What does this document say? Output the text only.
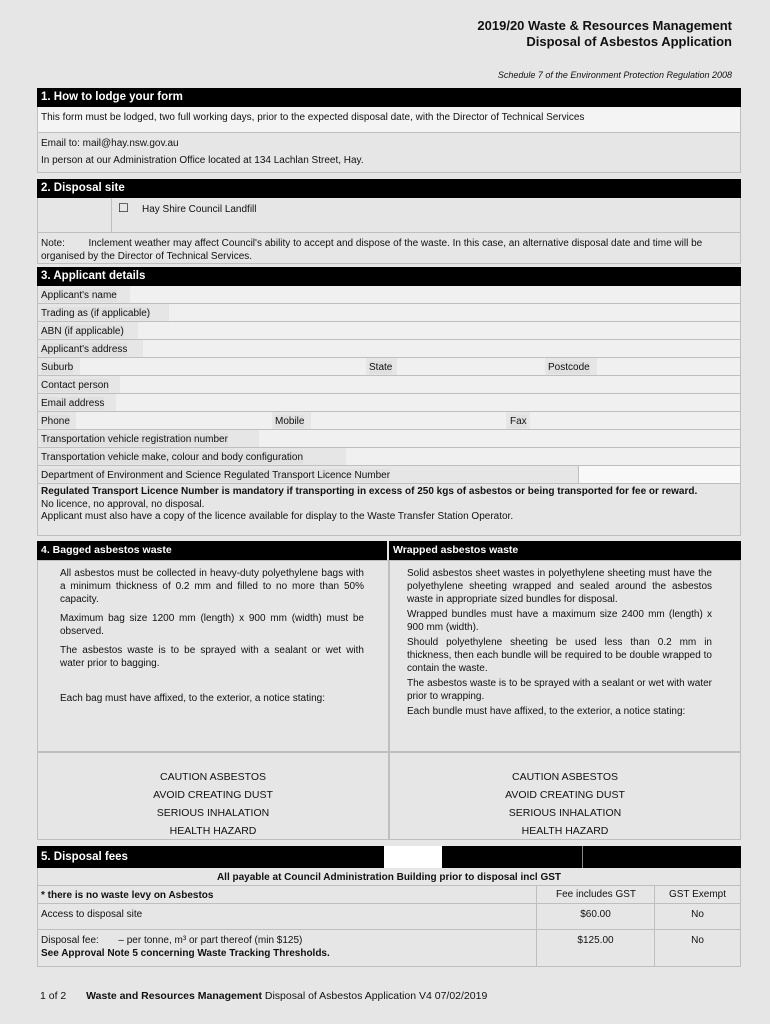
2019/20 Waste & Resources Management
Disposal of Asbestos Application
Schedule 7 of the Environment Protection Regulation 2008
1. How to lodge your form
This form must be lodged, two full working days, prior to the expected disposal date, with the Director of Technical Services
Email to: mail@hay.nsw.gov.au
In person at our Administration Office located at 134 Lachlan Street, Hay.
2. Disposal site
☐ Hay Shire Council Landfill
Note: Inclement weather may affect Council's ability to accept and dispose of the waste. In this case, an alternative disposal date and time will be organised by the Director of Technical Services.
3. Applicant details
Applicant's name
Trading as (if applicable)
ABN (if applicable)
Applicant's address
Suburb	State	Postcode
Contact person
Email address
Phone	Mobile	Fax
Transportation vehicle registration number
Transportation vehicle make, colour and body configuration
Department of Environment and Science Regulated Transport Licence Number
Regulated Transport Licence Number is mandatory if transporting in excess of 250 kgs of asbestos or being transported for fee or reward.
No licence, no approval, no disposal.
Applicant must also have a copy of the licence available for display to the Waste Transfer Station Operator.
4. Bagged asbestos waste	Wrapped asbestos waste

All asbestos must be collected in heavy-duty polyethylene bags with a minimum thickness of 0.2 mm and filled to no more than 50% capacity.

Maximum bag size 1200 mm (length) x 900 mm (width) must be observed.

The asbestos waste is to be sprayed with a sealant or wet with water prior to bagging.

Each bag must have affixed, to the exterior, a notice stating:

Solid asbestos sheet wastes in polyethylene sheeting must have the polyethylene sheeting wrapped and sealed around the asbestos waste in appropriate sized bundles for disposal.

Wrapped bundles must have a maximum size 2400 mm (length) x 900 mm (width).

Should polyethylene sheeting be used less than 0.2 mm in thickness, then each bundle will be required to be double wrapped to contain the waste.

The asbestos waste is to be sprayed with a sealant or wet with water prior to wrapping.

Each bundle must have affixed, to the exterior, a notice stating:

CAUTION ASBESTOS
AVOID CREATING DUST
SERIOUS INHALATION
HEALTH HAZARD
CAUTION ASBESTOS
AVOID CREATING DUST
SERIOUS INHALATION
HEALTH HAZARD
5. Disposal fees
All payable at Council Administration Building prior to disposal incl GST
* there is no waste levy on Asbestos	Fee includes GST	GST Exempt
Access to disposal site	$60.00	No
Disposal fee: – per tonne, m³ or part thereof (min $125)
See Approval Note 5 concerning Waste Tracking Thresholds.
$125.00	No
1 of 2 Waste and Resources Management Disposal of Asbestos Application V4 07/02/2019
